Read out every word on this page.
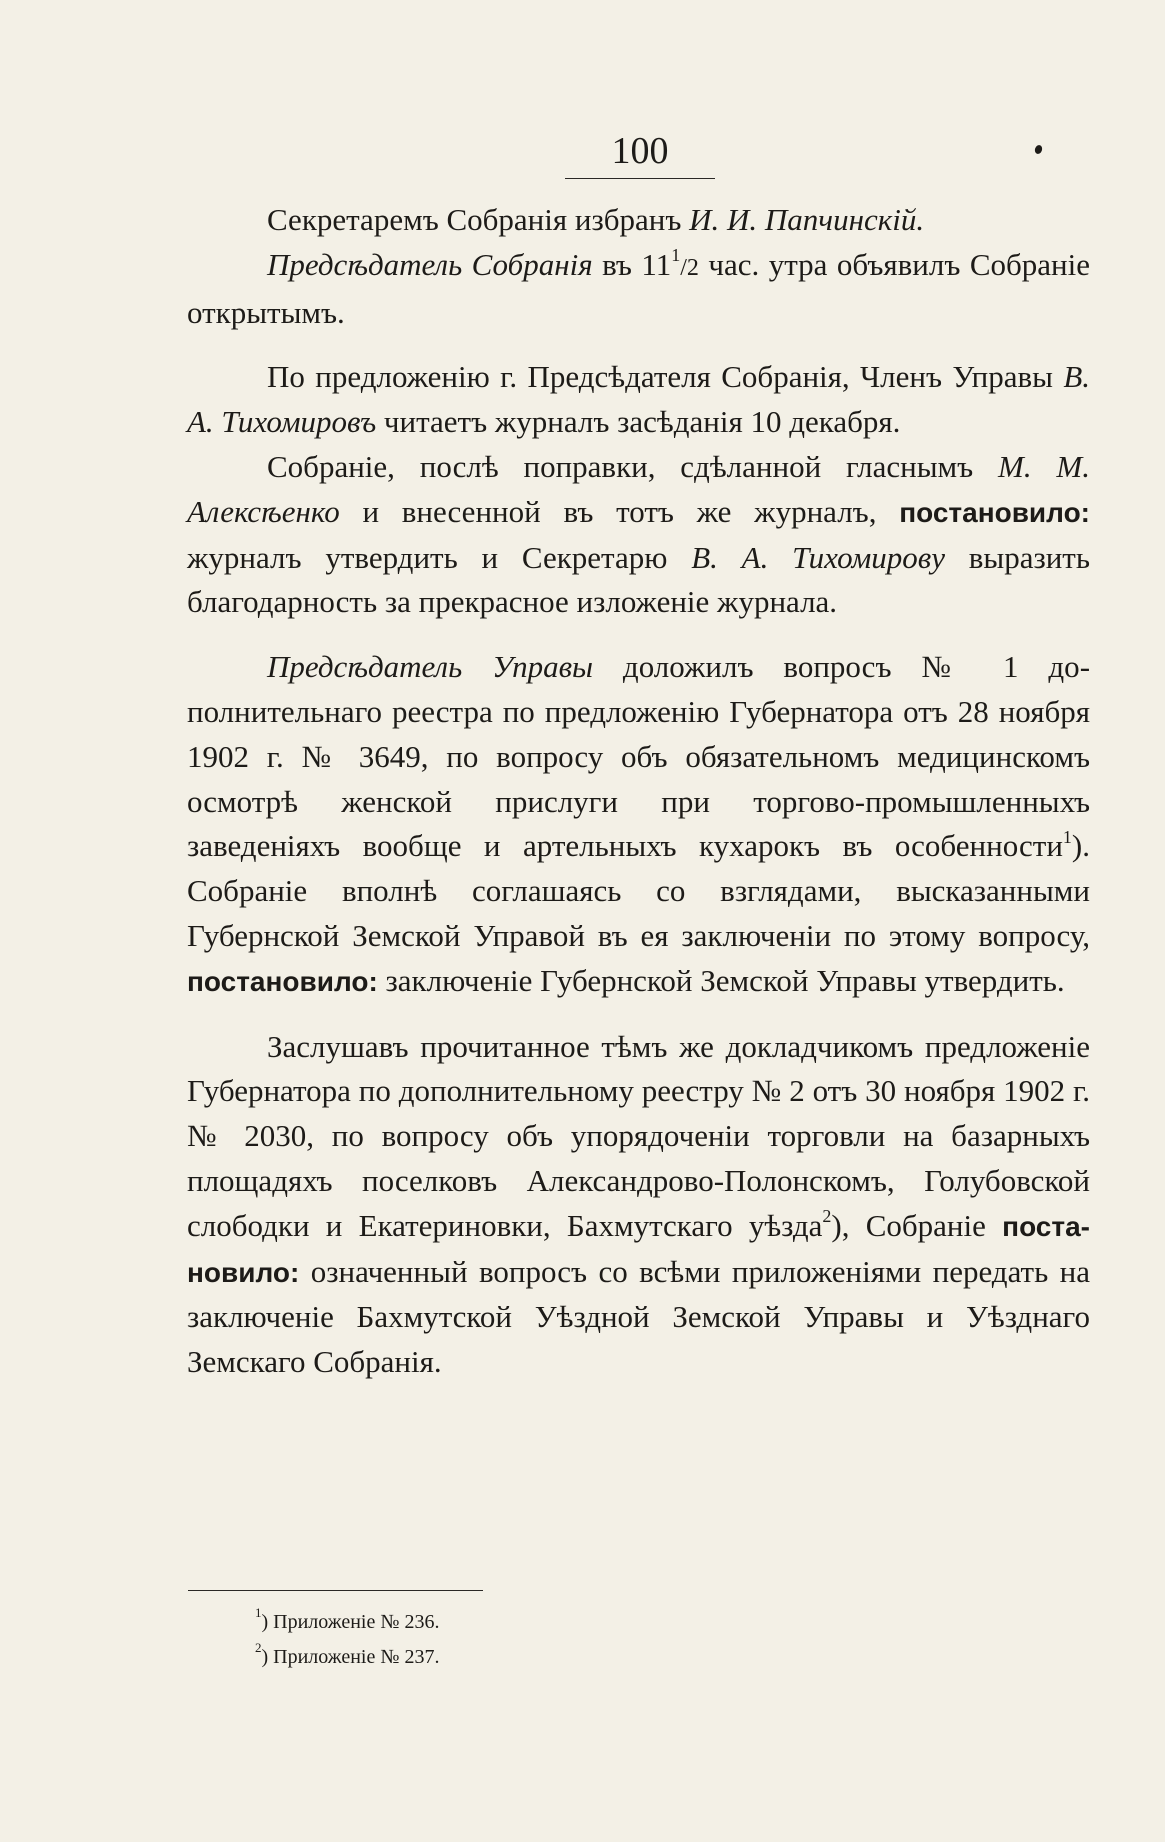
100

Секретаремъ Собранія избранъ И. И. Папчинскій.

Предсѣдатель Собранія въ $11^1/2$ час. утра объявилъ Собраніе открытымъ.

По предложенію г. Предсѣдателя Собранія, Членъ Управы В. А. Тихомировъ читаетъ журналъ засѣданія 10 декабря.

Собраніе, послѣ поправки, сдѣланной гласнымъ М. М. Алексѣенко и внесенной въ тотъ же журналъ, постановило: журналъ утвердить и Секретарю В. А. Тихомирову выразить благодарность за прекрасное изложеніе журнала.

Предсѣдатель Управы доложилъ вопросъ № 1 дополнительнаго реестра по предложенію Губернатора отъ 28 ноября 1902 г. № 3649, по вопросу объ обязательномъ медицинскомъ осмотрѣ женской прислуги при торгово-промышленныхъ заведеніяхъ вообще и артельныхъ кухарокъ въ особенности$^1$). Собраніе вполнѣ соглашаясь со взглядами, высказанными Губернской Земской Управой въ ея заключеніи по этому вопросу, постановило: заключеніе Губернской Земской Управы утвердить.

Заслушавъ прочитанное тѣмъ же докладчикомъ предложеніе Губернатора по дополнительному реестру № 2 отъ 30 ноября 1902 г. № 2030, по вопросу объ упорядоченіи торговли на базарныхъ площадяхъ поселковъ Александрово-Полонскомъ, Голубовской слободки и Екатериновки, Бахмутскаго уѣзда$^2$), Собраніе постановило: означенный вопросъ со всѣми приложеніями передать на заключеніе Бахмутской Уѣздной Земской Управы и Уѣзднаго Земскаго Собранія.

$^1$) Приложеніе № 236.
$^2$) Приложеніе № 237.
